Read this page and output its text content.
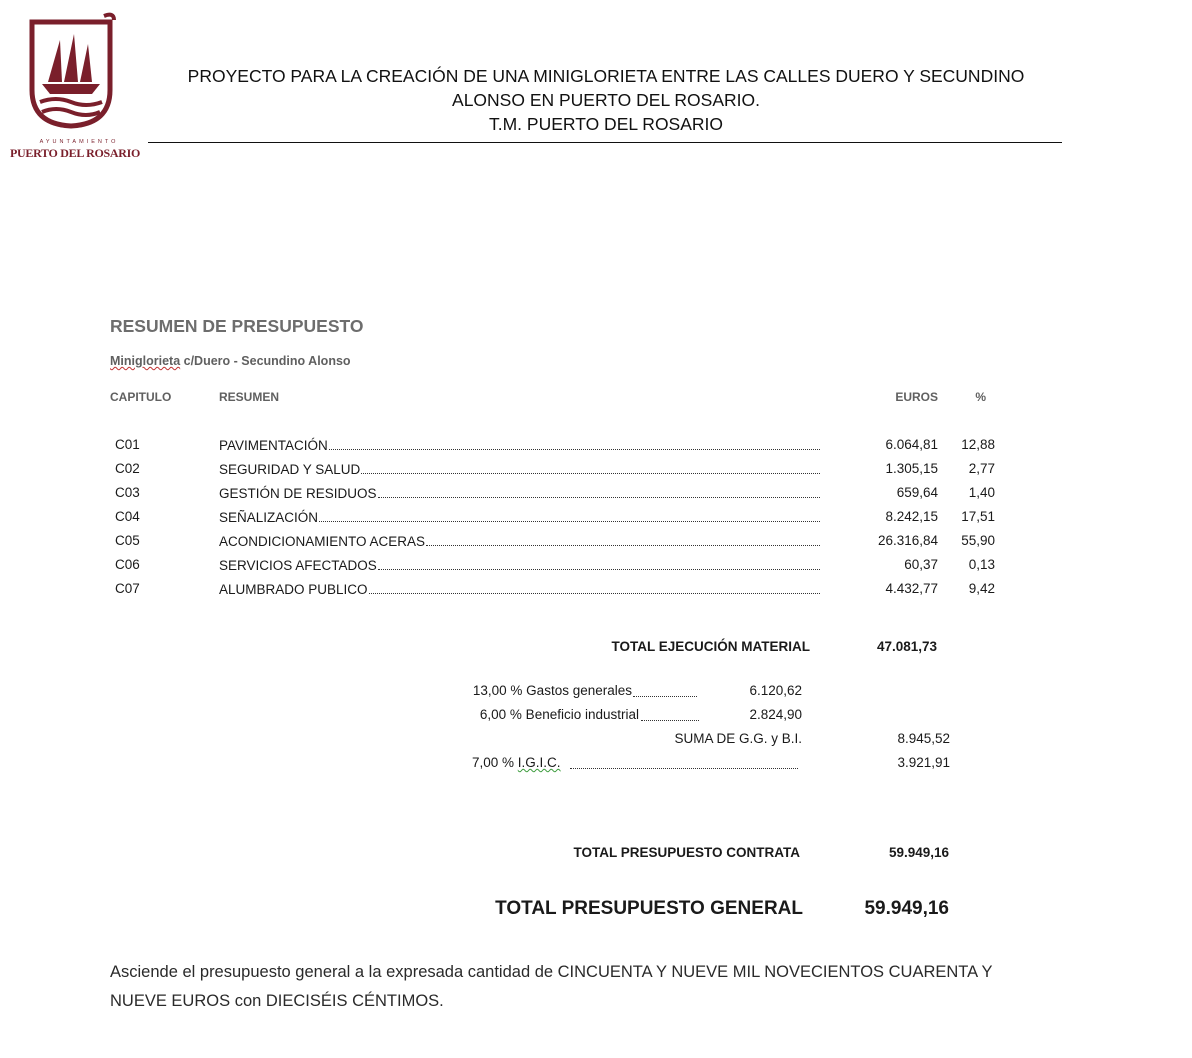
AYUNTAMIENTO
PUERTO DEL ROSARIO
PROYECTO PARA LA CREACIÓN DE UNA MINIGLORIETA ENTRE LAS CALLES DUERO Y SECUNDINO
ALONSO EN PUERTO DEL ROSARIO.
T.M. PUERTO DEL ROSARIO
RESUMEN DE PRESUPUESTO
Miniglorieta c/Duero - Secundino Alonso
CAPITULO	RESUMEN	EUROS	%
C01	PAVIMENTACIÓN	6.064,81 12,88
C02	SEGURIDAD Y SALUD	1.305,15 2,77
C03	GESTIÓN DE RESIDUOS	659,64 1,40
C04	SEÑALIZACIÓN	8.242,15 17,51
C05	ACONDICIONAMIENTO ACERAS	26.316,84 55,90
C06	SERVICIOS AFECTADOS	60,37 0,13
C07	ALUMBRADO PUBLICO	4.432,77 9,42
TOTAL EJECUCIÓN MATERIAL	47.081,73
13,00 % Gastos generales	6.120,62
6,00 % Beneficio industrial	2.824,90
SUMA DE G.G. y B.I.	8.945,52
7,00 % I.G.I.C.	3.921,91
TOTAL PRESUPUESTO CONTRATA	59.949,16
TOTAL PRESUPUESTO GENERAL	59.949,16
Asciende el presupuesto general a la expresada cantidad de CINCUENTA Y NUEVE MIL NOVECIENTOS CUARENTA Y
NUEVE EUROS con DIECISÉIS CÉNTIMOS.
